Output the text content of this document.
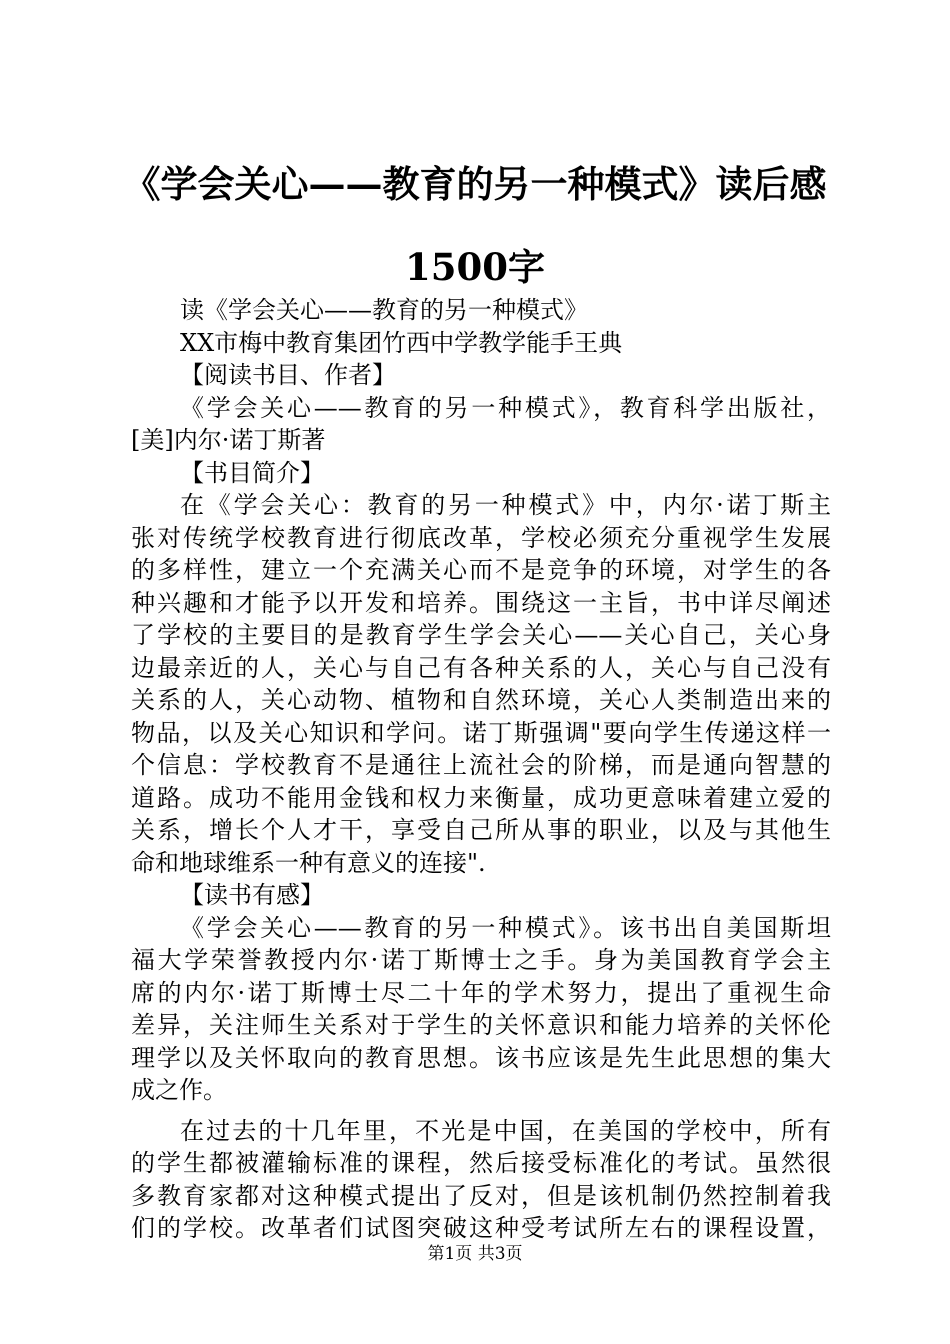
《学会关心——教育的另一种模式》读后感
1500字

读《学会关心——教育的另一种模式》

XX市梅中教育集团竹西中学教学能手王典

【阅读书目、作者】

《学会关心——教育的另一种模式》，教育科学出版社，

[美]内尔·诺丁斯著

【书目简介】

在《学会关心：教育的另一种模式》中，内尔·诺丁斯主

张对传统学校教育进行彻底改革，学校必须充分重视学生发展

的多样性，建立一个充满关心而不是竞争的环境，对学生的各

种兴趣和才能予以开发和培养。围绕这一主旨，书中详尽阐述

了学校的主要目的是教育学生学会关心——关心自己，关心身

边最亲近的人，关心与自己有各种关系的人，关心与自己没有

关系的人，关心动物、植物和自然环境，关心人类制造出来的

物品，以及关心知识和学问。诺丁斯强调"要向学生传递这样一

个信息：学校教育不是通往上流社会的阶梯，而是通向智慧的

道路。成功不能用金钱和权力来衡量，成功更意味着建立爱的

关系，增长个人才干，享受自己所从事的职业，以及与其他生

命和地球维系一种有意义的连接".

【读书有感】

《学会关心——教育的另一种模式》。该书出自美国斯坦

福大学荣誉教授内尔·诺丁斯博士之手。身为美国教育学会主

席的内尔·诺丁斯博士尽二十年的学术努力，提出了重视生命

差异，关注师生关系对于学生的关怀意识和能力培养的关怀伦

理学以及关怀取向的教育思想。该书应该是先生此思想的集大

成之作。

在过去的十几年里，不光是中国，在美国的学校中，所有

的学生都被灌输标准的课程，然后接受标准化的考试。虽然很

多教育家都对这种模式提出了反对，但是该机制仍然控制着我

们的学校。改革者们试图突破这种受考试所左右的课程设置，

第1页 共3页
